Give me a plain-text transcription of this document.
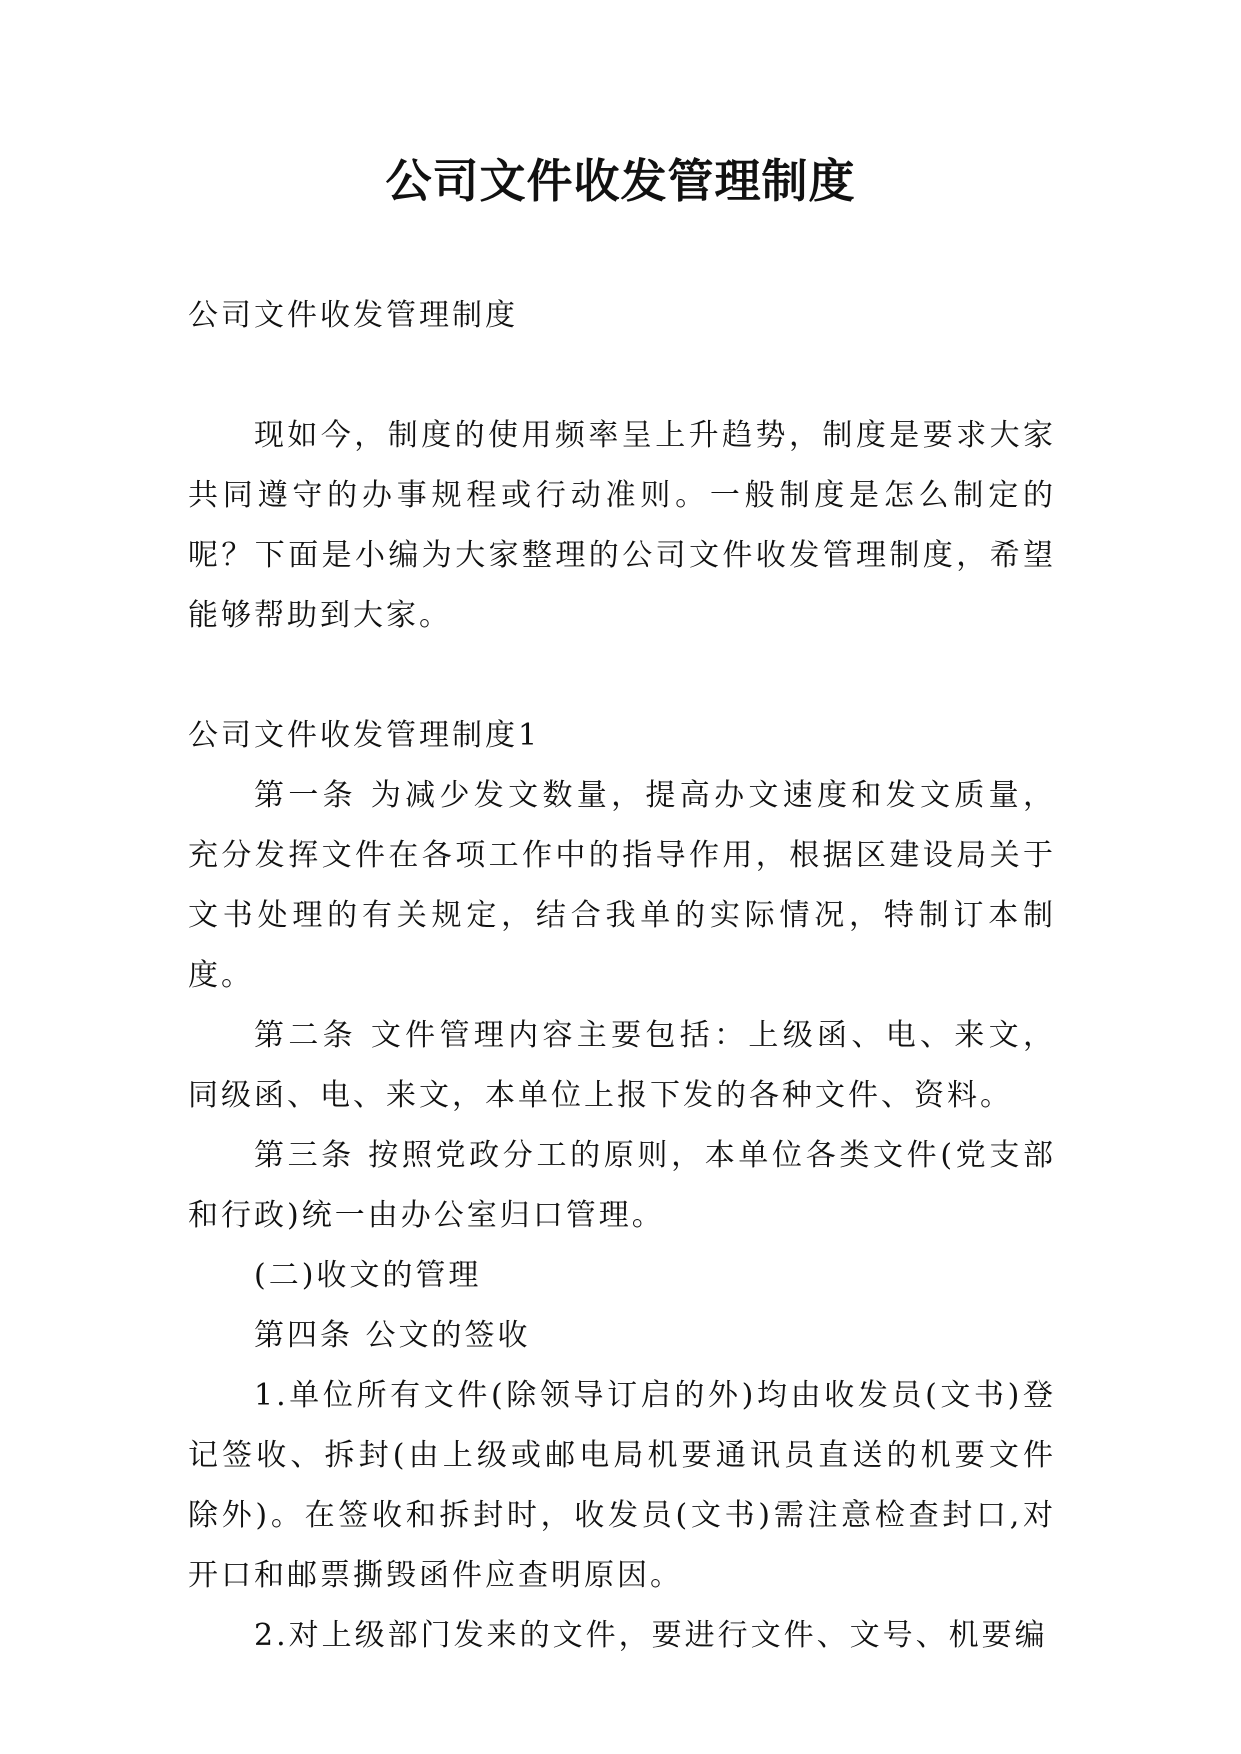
公司文件收发管理制度

公司文件收发管理制度

现如今，制度的使用频率呈上升趋势，制度是要求大家共同遵守的办事规程或行动准则。一般制度是怎么制定的呢？下面是小编为大家整理的公司文件收发管理制度，希望能够帮助到大家。

公司文件收发管理制度1

第一条 为减少发文数量，提高办文速度和发文质量，充分发挥文件在各项工作中的指导作用，根据区建设局关于文书处理的有关规定，结合我单的实际情况，特制订本制度。

第二条 文件管理内容主要包括：上级函、电、来文，同级函、电、来文，本单位上报下发的各种文件、资料。

第三条 按照党政分工的原则，本单位各类文件(党支部和行政)统一由办公室归口管理。

(二)收文的管理

第四条 公文的签收

1.单位所有文件(除领导订启的外)均由收发员(文书)登记签收、拆封(由上级或邮电局机要通讯员直送的机要文件除外)。在签收和拆封时，收发员(文书)需注意检查封口,对开口和邮票撕毁函件应查明原因。

2.对上级部门发来的文件，要进行文件、文号、机要编
